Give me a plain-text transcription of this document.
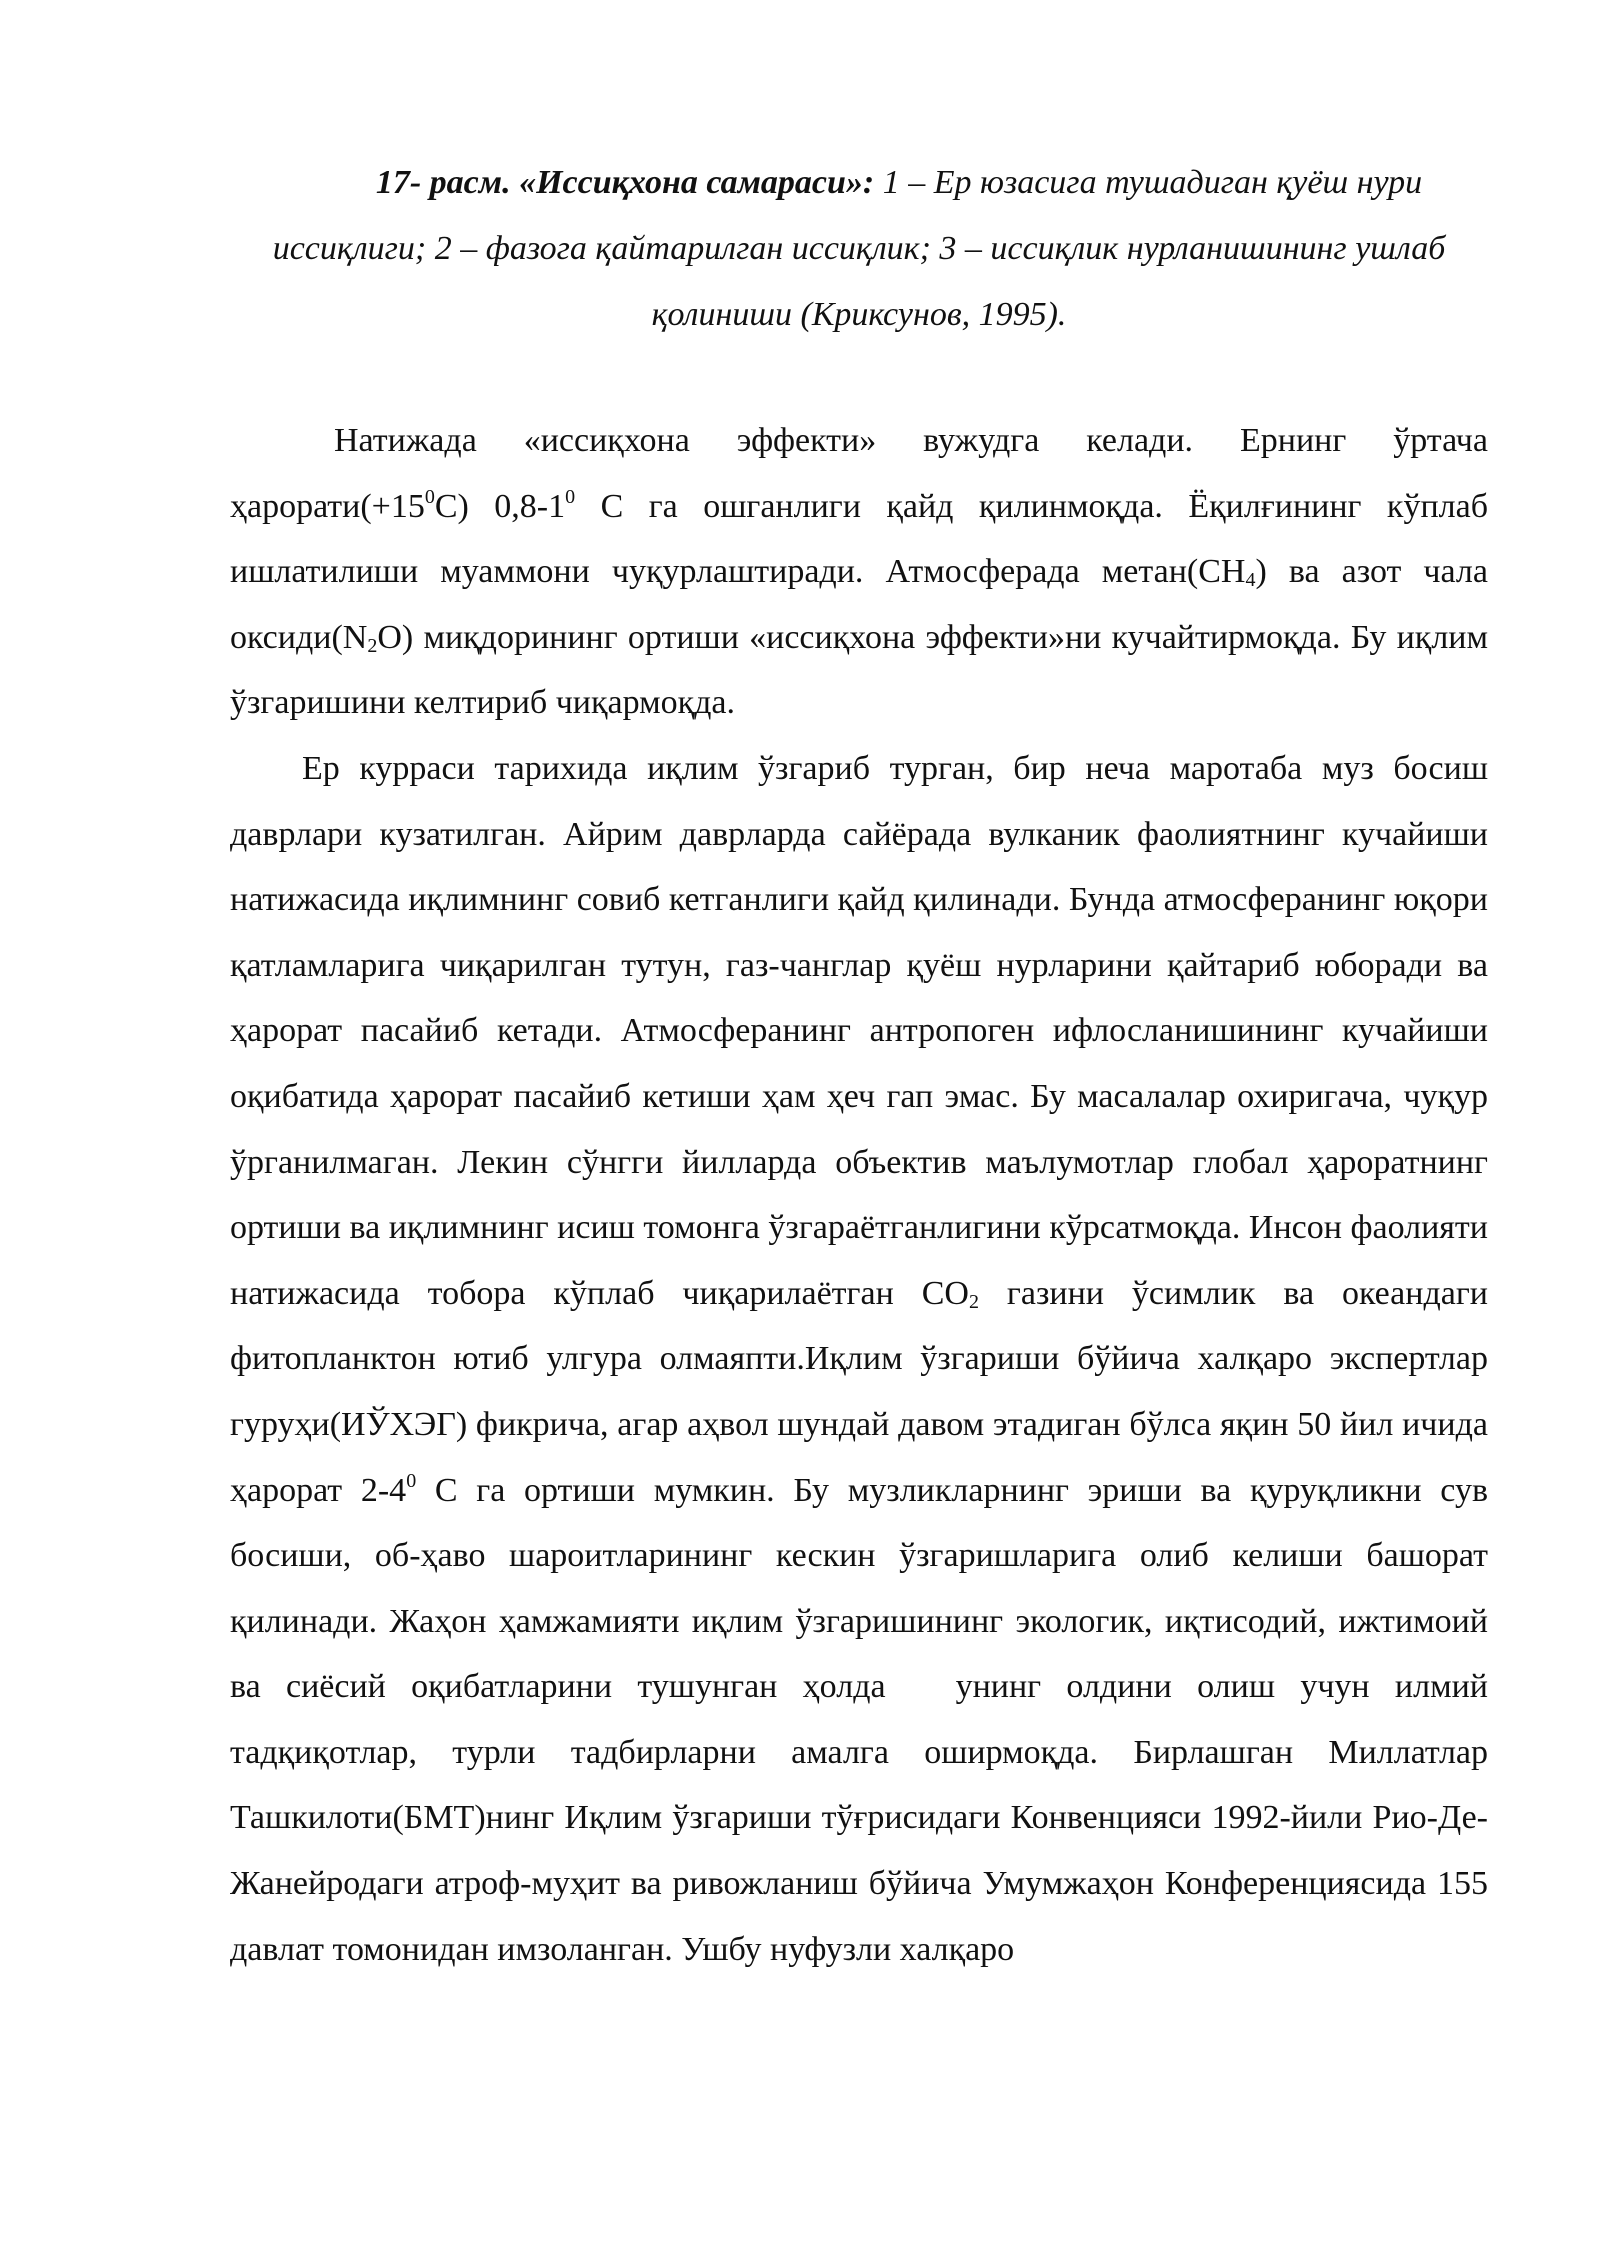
17- расм. «Иссиқхона самараси»: 1 – Ер юзасига тушадиган қуёш нури иссиқлиги; 2 – фазога қайтарилган иссиқлик; 3 – иссиқлик нурланишининг ушлаб қолиниши (Криксунов, 1995).

Натижада «иссиқхона эффекти» вужудга келади. Ернинг ўртача $ҳарорати(+15^0С)$ $0,8-1^0$ С га ошганлиги қайд қилинмоқда. Ёқилғининг кўплаб ишлатилиши муаммони чуқурлаштиради. Атмосферада $метан(СН_4)$ ва азот чала $оксиди(N_2О)$ миқдорининг ортиши «иссиқхона эффекти»ни кучайтирмоқда. Бу иқлим ўзгаришини келтириб чиқармоқда.

Ер курраси тарихида иқлим ўзгариб турган, бир неча маротаба муз босиш даврлари кузатилган. Айрим даврларда сайёрада вулканик фаолиятнинг кучайиши натижасида иқлимнинг совиб кетганлиги қайд қилинади. Бунда атмосферанинг юқори қатламларига чиқарилган тутун, газ-чанглар қуёш нурларини қайтариб юборади ва ҳарорат пасайиб кетади. Атмосферанинг антропоген ифлосланишининг кучайиши оқибатида ҳарорат пасайиб кетиши ҳам ҳеч гап эмас. Бу масалалар охиригача, чуқур ўрганилмаган. Лекин сўнгги йилларда объектив маълумотлар глобал ҳароратнинг ортиши ва иқлимнинг исиш томонга ўзгараётганлигини кўрсатмоқда. Инсон фаолияти натижасида тобора кўплаб чиқарилаётган $СО_2$ газини ўсимлик ва океандаги фитопланктон ютиб улгура олмаяпти.Иқлим ўзгариши бўйича халқаро экспертлар гуруҳи(ИЎХЭГ) фикрича, агар аҳвол шундай давом этадиган бўлса яқин 50 йил ичида ҳарорат $2-4^0$ С га ортиши мумкин. Бу музликларнинг эриши ва қуруқликни сув босиши, об-ҳаво шароитларининг кескин ўзгаришларига олиб келиши башорат қилинади. Жаҳон ҳамжамияти иқлим ўзгаришининг экологик, иқтисодий, ижтимоий ва сиёсий оқибатларини тушунган ҳолда унинг олдини олиш учун илмий тадқиқотлар, турли тадбирларни амалга оширмоқда. Бирлашган Миллатлар Ташкилоти(БМТ)нинг Иқлим ўзгариши тўғрисидаги Конвенцияси 1992-йили Рио-Де-Жанейродаги атроф-муҳит ва ривожланиш бўйича Умумжаҳон Конференциясида 155 давлат томонидан имзоланган. Ушбу нуфузли халқаро
